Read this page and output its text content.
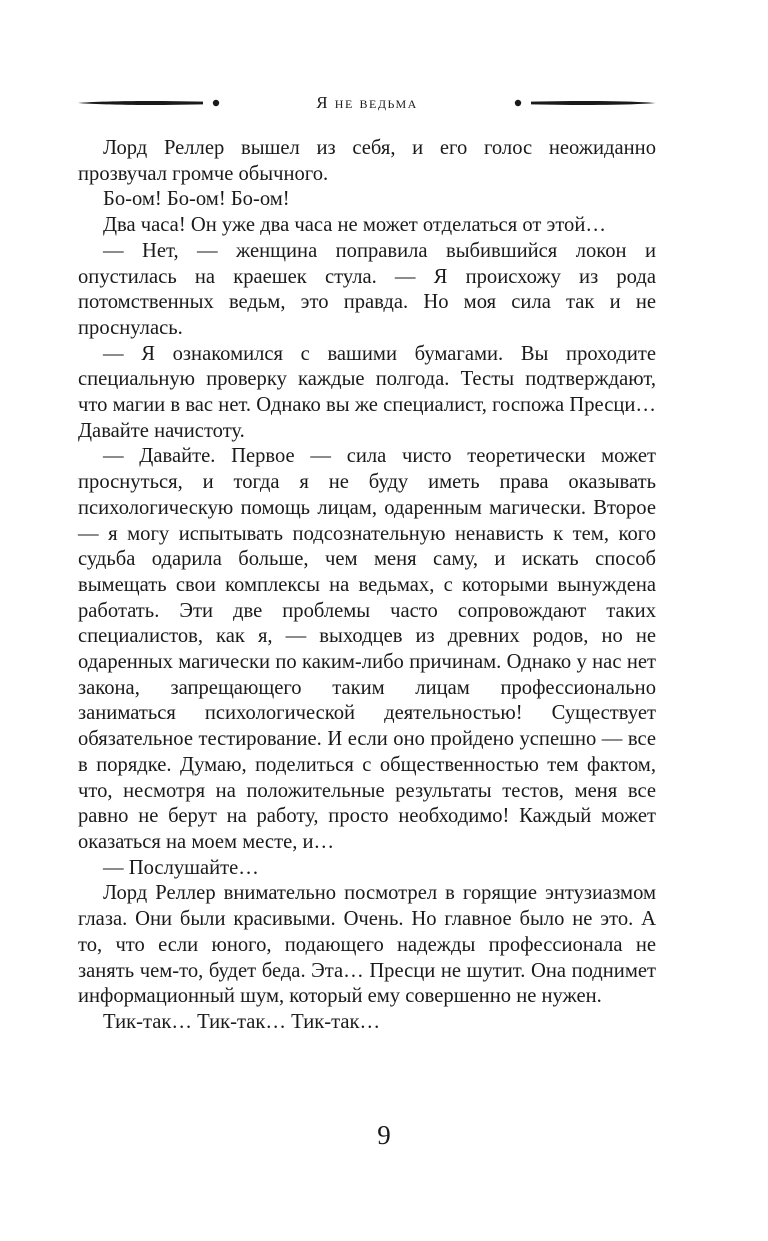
Я не ведьма

Лорд Реллер вышел из себя, и его голос неожиданно прозвучал громче обычного.

Бо-ом! Бо-ом! Бо-ом!

Два часа! Он уже два часа не может отделаться от этой…

— Нет, — женщина поправила выбившийся локон и опустилась на краешек стула. — Я происхожу из рода потомственных ведьм, это правда. Но моя сила так и не проснулась.

— Я ознакомился с вашими бумагами. Вы проходите специальную проверку каждые полгода. Тесты подтверждают, что магии в вас нет. Однако вы же специалист, госпожа Пресци… Давайте начистоту.

— Давайте. Первое — сила чисто теоретически может проснуться, и тогда я не буду иметь права оказывать психологическую помощь лицам, одаренным магически. Второе — я могу испытывать подсознательную ненависть к тем, кого судьба одарила больше, чем меня саму, и искать способ вымещать свои комплексы на ведьмах, с которыми вынуждена работать. Эти две проблемы часто сопровождают таких специалистов, как я, — выходцев из древних родов, но не одаренных магически по каким-либо причинам. Однако у нас нет закона, запрещающего таким лицам профессионально заниматься психологической деятельностью! Существует обязательное тестирование. И если оно пройдено успешно — все в порядке. Думаю, поделиться с общественностью тем фактом, что, несмотря на положительные результаты тестов, меня все равно не берут на работу, просто необходимо! Каждый может оказаться на моем месте, и…

— Послушайте…

Лорд Реллер внимательно посмотрел в горящие энтузиазмом глаза. Они были красивыми. Очень. Но главное было не это. А то, что если юного, подающего надежды профессионала не занять чем-то, будет беда. Эта… Пресци не шутит. Она поднимет информационный шум, который ему совершенно не нужен.

Тик-так… Тик-так… Тик-так…

9
